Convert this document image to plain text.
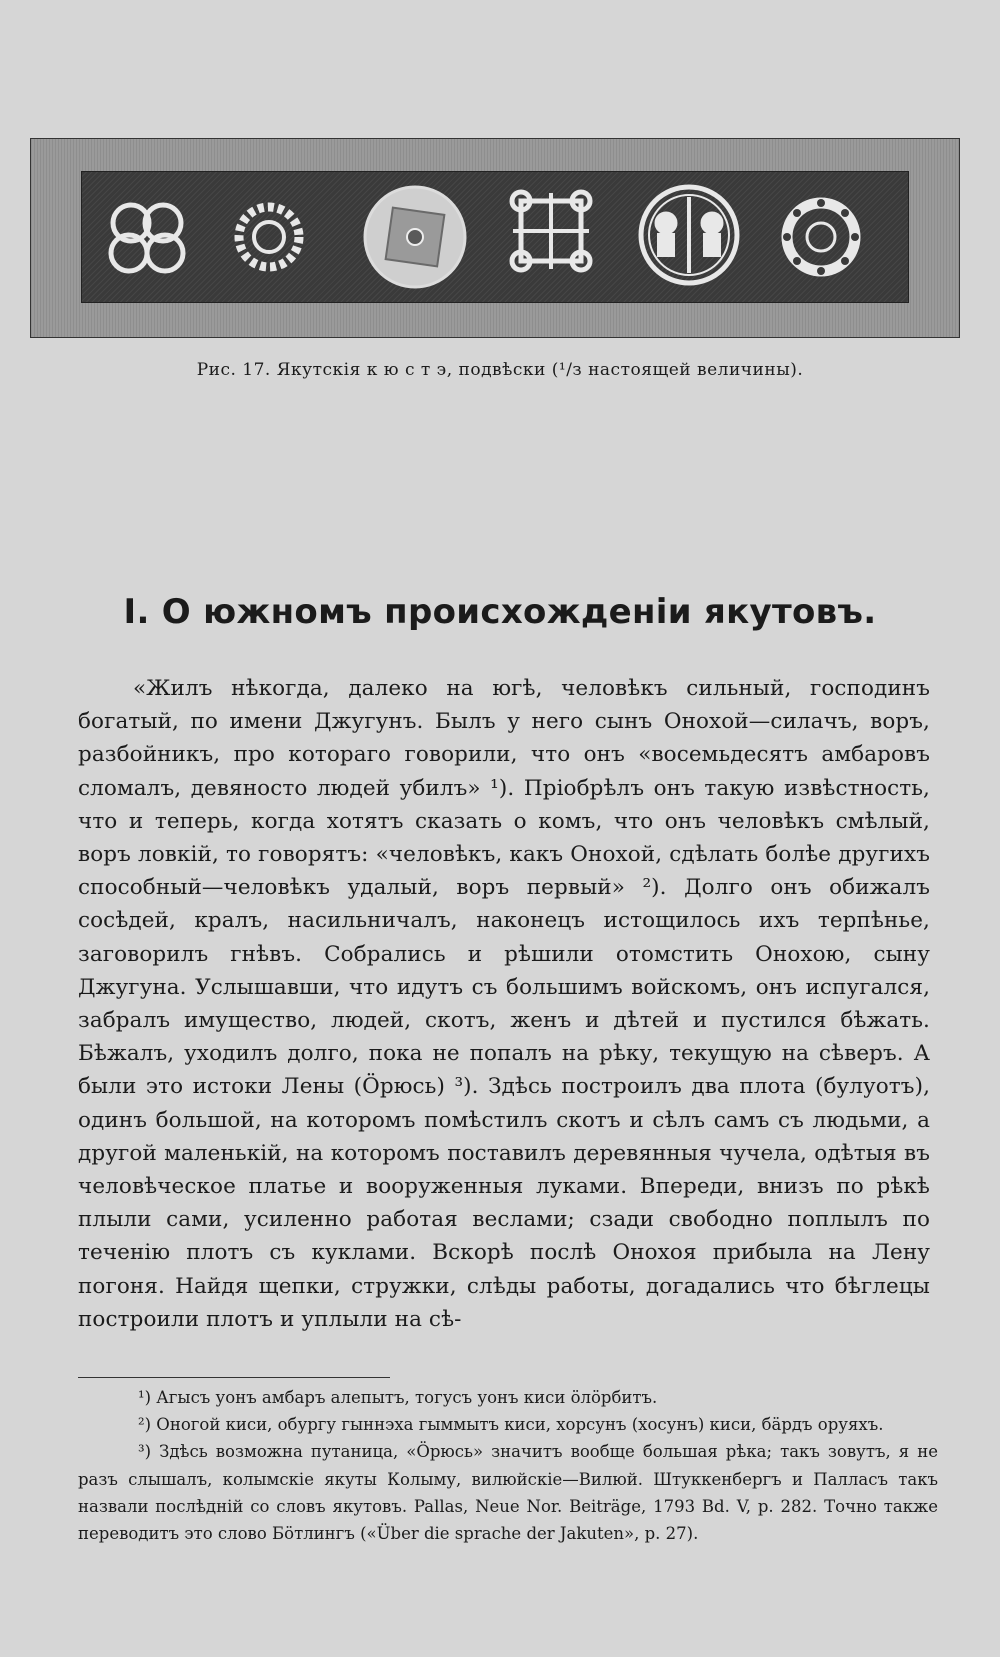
Рис. 17. Якутскія к ю с т э, подвѣски (¹/з настоящей величины).
I. О южномъ происхожденіи якутовъ.
«Жилъ нѣкогда, далеко на югѣ, человѣкъ сильный, господинъ богатый, по имени Джугунъ. Былъ у него сынъ Онохой—силачъ, воръ, разбойникъ, про котораго говорили, что онъ «восемьдесятъ амбаровъ сломалъ, девяносто людей убилъ» ¹). Пріобрѣлъ онъ такую извѣстность, что и теперь, когда хотятъ сказать о комъ, что онъ человѣкъ смѣлый, воръ ловкій, то говорятъ: «человѣкъ, какъ Онохой, сдѣлать болѣе другихъ способный—человѣкъ удалый, воръ первый» ²). Долго онъ обижалъ сосѣдей, кралъ, насильничалъ, наконецъ истощилось ихъ терпѣнье, заговорилъ гнѣвъ. Собрались и рѣшили отомстить Онохою, сыну Джугуна. Услышавши, что идутъ съ большимъ войскомъ, онъ испугался, забралъ имущество, людей, скотъ, женъ и дѣтей и пустился бѣжать. Бѣжалъ, уходилъ долго, пока не попалъ на рѣку, текущую на сѣверъ. А были это истоки Лены (Ӧрюсь) ³). Здѣсь построилъ два плота (булуотъ), одинъ большой, на которомъ помѣстилъ скотъ и сѣлъ самъ съ людьми, а другой маленькій, на которомъ поставилъ деревянныя чучела, одѣтыя въ человѣческое платье и вооруженныя луками. Впереди, внизъ по рѣкѣ плыли сами, усиленно работая веслами; сзади свободно поплылъ по теченію плотъ съ куклами. Вскорѣ послѣ Онохоя прибыла на Лену погоня. Найдя щепки, стружки, слѣды работы, догадались что бѣглецы построили плотъ и уплыли на сѣ-

¹) Агысъ уонъ амбаръ алепытъ, тогусъ уонъ киси ӧлӧрбитъ.

²) Оногой киси, обургу гыннэха гыммытъ киси, хорсунъ (хосунъ) киси, бӓрдъ оруяхъ.

³) Здѣсь возможна путаница, «Ӧрюсь» значитъ вообще большая рѣка; такъ зовутъ, я не разъ слышалъ, колымскіе якуты Колыму, вилюйскіе—Вилюй. Штуккенбергъ и Палласъ такъ назвали послѣдній со словъ якутовъ. Pallas, Neue Nor. Beiträge, 1793 Bd. V, p. 282. Точно также переводитъ это слово Бӧтлингъ («Über die sprache der Jakuten», p. 27).
